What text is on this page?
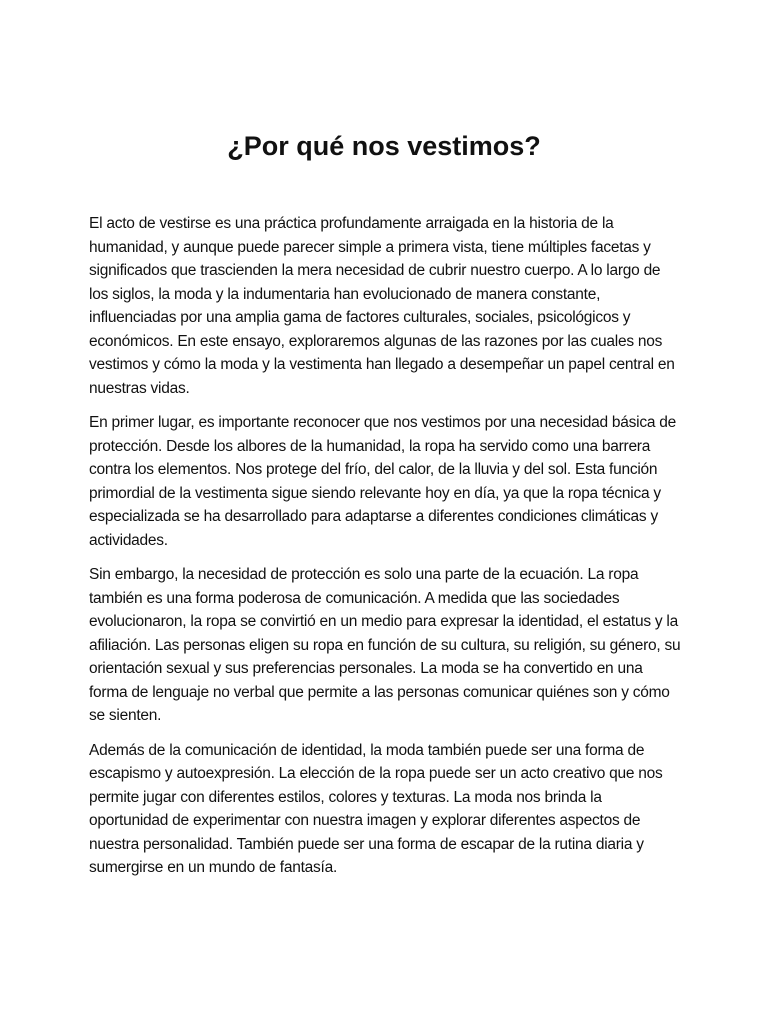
¿Por qué nos vestimos?

El acto de vestirse es una práctica profundamente arraigada en la historia de la humanidad, y aunque puede parecer simple a primera vista, tiene múltiples facetas y significados que trascienden la mera necesidad de cubrir nuestro cuerpo. A lo largo de los siglos, la moda y la indumentaria han evolucionado de manera constante, influenciadas por una amplia gama de factores culturales, sociales, psicológicos y económicos. En este ensayo, exploraremos algunas de las razones por las cuales nos vestimos y cómo la moda y la vestimenta han llegado a desempeñar un papel central en nuestras vidas.

En primer lugar, es importante reconocer que nos vestimos por una necesidad básica de protección. Desde los albores de la humanidad, la ropa ha servido como una barrera contra los elementos. Nos protege del frío, del calor, de la lluvia y del sol. Esta función primordial de la vestimenta sigue siendo relevante hoy en día, ya que la ropa técnica y especializada se ha desarrollado para adaptarse a diferentes condiciones climáticas y actividades.

Sin embargo, la necesidad de protección es solo una parte de la ecuación. La ropa también es una forma poderosa de comunicación. A medida que las sociedades evolucionaron, la ropa se convirtió en un medio para expresar la identidad, el estatus y la afiliación. Las personas eligen su ropa en función de su cultura, su religión, su género, su orientación sexual y sus preferencias personales. La moda se ha convertido en una forma de lenguaje no verbal que permite a las personas comunicar quiénes son y cómo se sienten.

Además de la comunicación de identidad, la moda también puede ser una forma de escapismo y autoexpresión. La elección de la ropa puede ser un acto creativo que nos permite jugar con diferentes estilos, colores y texturas. La moda nos brinda la oportunidad de experimentar con nuestra imagen y explorar diferentes aspectos de nuestra personalidad. También puede ser una forma de escapar de la rutina diaria y sumergirse en un mundo de fantasía.
